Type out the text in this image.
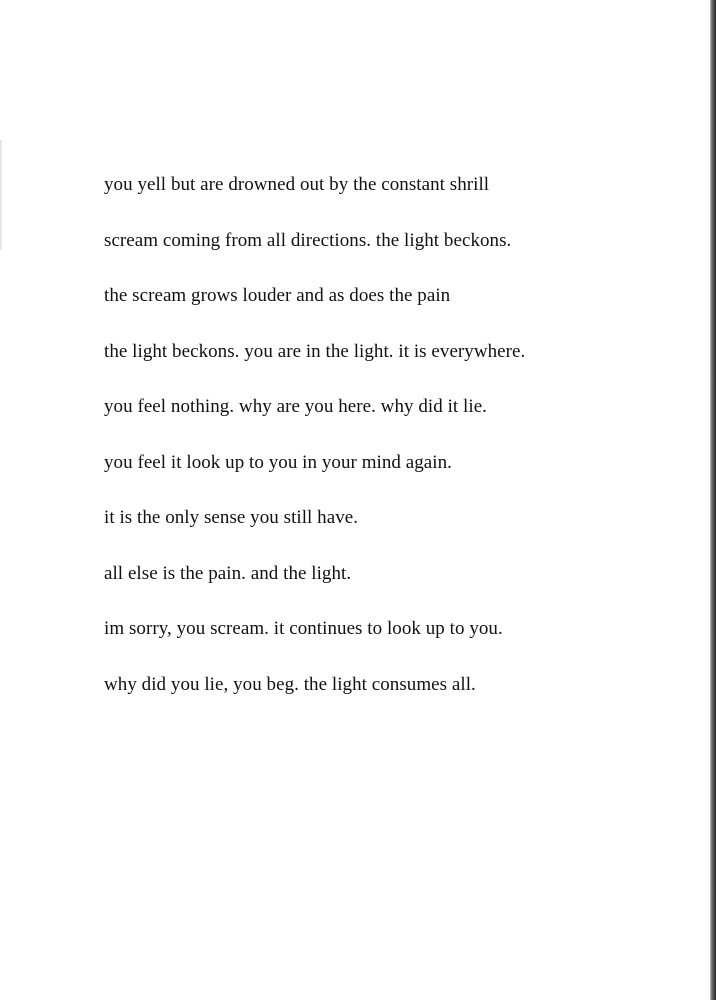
you yell but are drowned out by the constant shrill
scream coming from all directions. the light beckons.
the scream grows louder and as does the pain
the light beckons. you are in the light. it is everywhere.
you feel nothing. why are you here. why did it lie.
you feel it look up to you in your mind again.
it is the only sense you still have.
all else is the pain. and the light.
im sorry, you scream. it continues to look up to you.
why did you lie, you beg. the light consumes all.
